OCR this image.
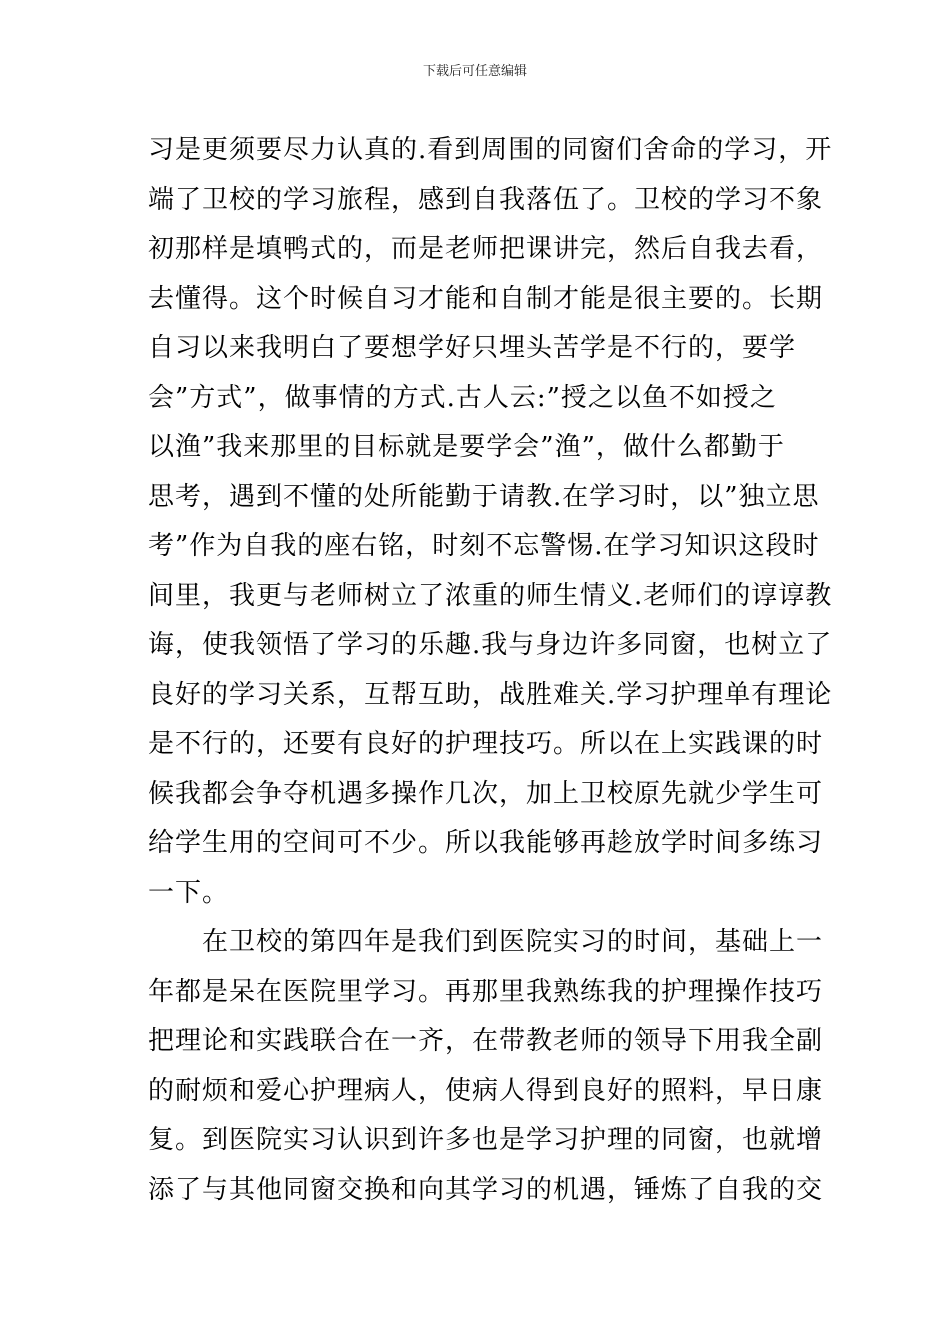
下载后可任意编辑
习是更须要尽力认真的.看到周围的同窗们舍命的学习，开
端了卫校的学习旅程，感到自我落伍了。卫校的学习不象
初那样是填鸭式的，而是老师把课讲完，然后自我去看，
去懂得。这个时候自习才能和自制才能是很主要的。长期
自习以来我明白了要想学好只埋头苦学是不行的，要学
会”方式”，做事情的方式.古人云:”授之以鱼不如授之
以渔”我来那里的目标就是要学会”渔”，做什么都勤于
思考，遇到不懂的处所能勤于请教.在学习时，以”独立思
考”作为自我的座右铭，时刻不忘警惕.在学习知识这段时
间里，我更与老师树立了浓重的师生情义.老师们的谆谆教
诲，使我领悟了学习的乐趣.我与身边许多同窗，也树立了
良好的学习关系，互帮互助，战胜难关.学习护理单有理论
是不行的，还要有良好的护理技巧。所以在上实践课的时
候我都会争夺机遇多操作几次，加上卫校原先就少学生可
给学生用的空间可不少。所以我能够再趁放学时间多练习
一下。
在卫校的第四年是我们到医院实习的时间，基础上一
年都是呆在医院里学习。再那里我熟练我的护理操作技巧
把理论和实践联合在一齐，在带教老师的领导下用我全副
的耐烦和爱心护理病人，使病人得到良好的照料，早日康
复。到医院实习认识到许多也是学习护理的同窗，也就增
添了与其他同窗交换和向其学习的机遇，锤炼了自我的交
